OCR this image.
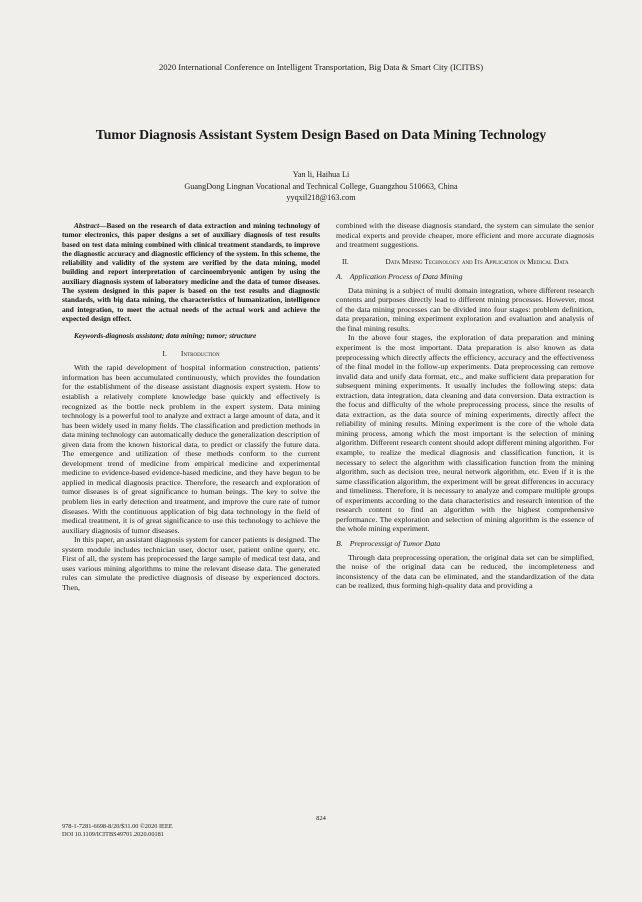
2020 International Conference on Intelligent Transportation, Big Data & Smart City (ICITBS)
Tumor Diagnosis Assistant System Design Based on Data Mining Technology
Yan li, Haihua Li
GuangDong Lingnan Vocational and Technical College, Guangzhou 510663, China
yyqxil218@163.com

Abstract—Based on the research of data extraction and mining technology of tumor electronics, this paper designs a set of auxiliary diagnosis of test results based on test data mining combined with clinical treatment standards, to improve the diagnostic accuracy and diagnostic efficiency of the system. In this scheme, the reliability and validity of the system are verified by the data mining, model building and report interpretation of carcinoembryonic antigen by using the auxiliary diagnosis system of laboratory medicine and the data of tumor diseases. The system designed in this paper is based on the test results and diagnostic standards, with big data mining, the characteristics of humanization, intelligence and integration, to meet the actual needs of the actual work and achieve the expected design effect.

Keywords-diagnosis assistant; data mining; tumor; structure

I. Introduction

With the rapid development of hospital information construction, patients' information has been accumulated continuously, which provides the foundation for the establishment of the disease assistant diagnosis expert system. How to establish a relatively complete knowledge base quickly and effectively is recognized as the bottle neck problem in the expert system. Data mining technology is a powerful tool to analyze and extract a large amount of data, and it has been widely used in many fields. The classification and prediction methods in data mining technology can automatically deduce the generalization description of given data from the known historical data, to predict or classify the future data. The emergence and utilization of these methods conform to the current development trend of medicine from empirical medicine and experimental medicine to evidence-based evidence-based medicine, and they have begun to be applied in medical diagnosis practice. Therefore, the research and exploration of tumor diseases is of great significance to human beings. The key to solve the problem lies in early detection and treatment, and improve the cure rate of tumor diseases. With the continuous application of big data technology in the field of medical treatment, it is of great significance to use this technology to achieve the auxiliary diagnosis of tumor diseases.

In this paper, an assistant diagnosis system for cancer patients is designed. The system module includes technician user, doctor user, patient online query, etc. First of all, the system has preprocessed the large sample of medical test data, and uses various mining algorithms to mine the relevant disease data. The generated rules can simulate the predictive diagnosis of disease by experienced doctors. Then,

combined with the disease diagnosis standard, the system can simulate the senior medical experts and provide cheaper, more efficient and more accurate diagnosis and treatment suggestions.

II.	Data Mining Technology and Its Application in Medical Data
A. Application Process of Data Mining

Data mining is a subject of multi domain integration, where different research contents and purposes directly lead to different mining processes. However, most of the data mining processes can be divided into four stages: problem definition, data preparation, mining experiment exploration and evaluation and analysis of the final mining results.

In the above four stages, the exploration of data preparation and mining experiment is the most important. Data preparation is also known as data preprocessing which directly affects the efficiency, accuracy and the effectiveness of the final model in the follow-up experiments. Data preprocessing can remove invalid data and unify data format, etc., and make sufficient data preparation for subsequent mining experiments. It usually includes the following steps: data extraction, data integration, data cleaning and data conversion. Data extraction is the focus and difficulty of the whole preprocessing process, since the results of data extraction, as the data source of mining experiments, directly affect the reliability of mining results. Mining experiment is the core of the whole data mining process, among which the most important is the selection of mining algorithm. Different research content should adopt different mining algorithm. For example, to realize the medical diagnosis and classification function, it is necessary to select the algorithm with classification function from the mining algorithm, such as decision tree, neural network algorithm, etc. Even if it is the same classification algorithm, the experiment will be great differences in accuracy and timeliness. Therefore, it is necessary to analyze and compare multiple groups of experiments according to the data characteristics and research intention of the research content to find an algorithm with the highest comprehensive performance. The exploration and selection of mining algorithm is the essence of the whole mining experiment.

B. Preprocessigt of Tumor Data

Through data preprocessing operation, the original data set can be simplified, the noise of the original data can be reduced, the incompleteness and inconsistency of the data can be eliminated, and the standardization of the data can be realized, thus forming high-quality data and providing a

824
978-1-7281-6698-8/20/$31.00 ©2020 IEEE
DOI 10.1109/ICITBS49701.2020.00181
